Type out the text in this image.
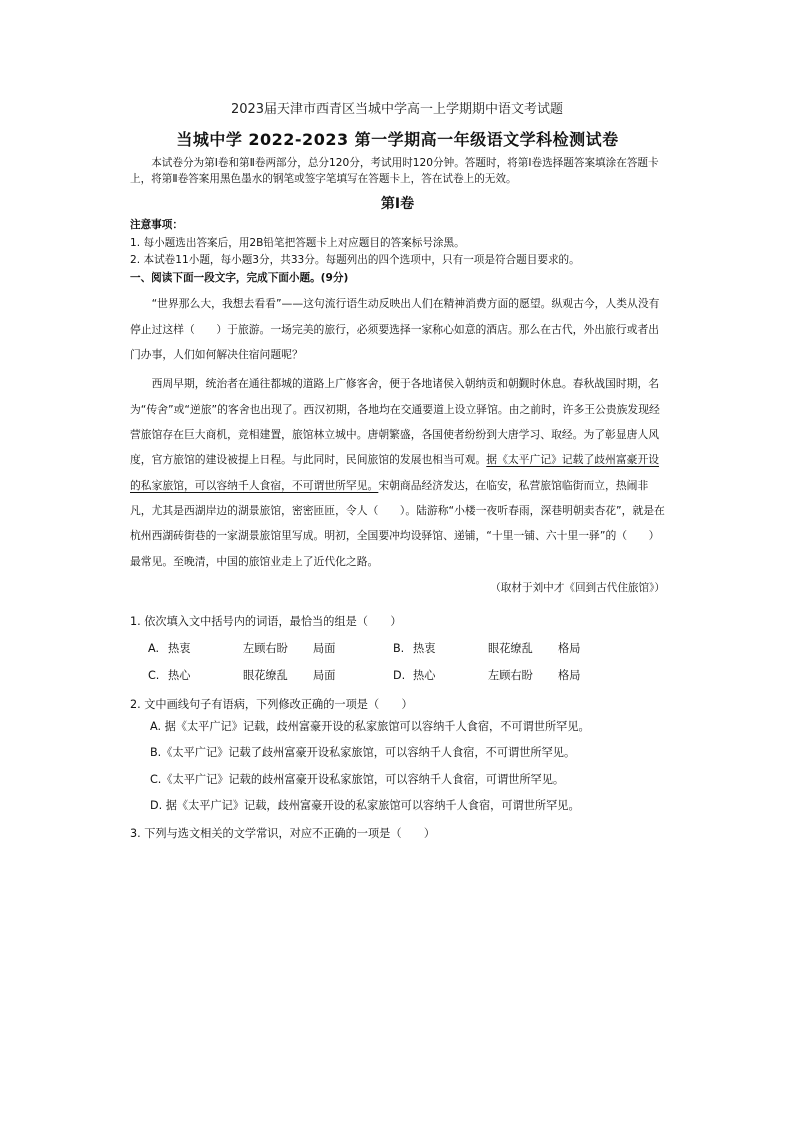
2023届天津市西青区当城中学高一上学期期中语文考试题
当城中学 2022-2023 第一学期高一年级语文学科检测试卷

本试卷分为第Ⅰ卷和第Ⅱ卷两部分，总分120分，考试用时120分钟。答题时，将第Ⅰ卷选择题答案填涂在答题卡上，将第Ⅱ卷答案用黑色墨水的钢笔或签字笔填写在答题卡上，答在试卷上的无效。

第Ⅰ卷

注意事项：

1. 每小题选出答案后，用2B铅笔把答题卡上对应题目的答案标号涂黑。

2. 本试卷11小题，每小题3分，共33分。每题列出的四个选项中，只有一项是符合题目要求的。

一、阅读下面一段文字，完成下面小题。(9分)

“世界那么大，我想去看看”——这句流行语生动反映出人们在精神消费方面的愿望。纵观古今，人类从没有停止过这样（　　）于旅游。一场完美的旅行，必须要选择一家称心如意的酒店。那么在古代，外出旅行或者出门办事，人们如何解决住宿问题呢？

西周早期，统治者在通往都城的道路上广修客舍，便于各地诸侯入朝纳贡和朝觐时休息。春秋战国时期，名为“传舍”或“逆旅”的客舍也出现了。西汉初期，各地均在交通要道上设立驿馆。由之前时，许多王公贵族发现经营旅馆存在巨大商机，竞相建置，旅馆林立城中。唐朝繁盛，各国使者纷纷到大唐学习、取经。为了彰显唐人风度，官方旅馆的建设被提上日程。与此同时，民间旅馆的发展也相当可观。据《太平广记》记载了歧州富豪开设的私家旅馆，可以容纳千人食宿，不可谓世所罕见。宋朝商品经济发达，在临安，私营旅馆临街而立，热闹非凡，尤其是西湖岸边的湖景旅馆，密密匝匝，令人（　　）。陆游称“小楼一夜听春雨，深巷明朝卖杏花”，就是在杭州西湖砖街巷的一家湖景旅馆里写成。明初，全国要冲均设驿馆、递铺，“十里一铺、六十里一驿”的（　　）最常见。至晚清，中国的旅馆业走上了近代化之路。

（取材于刘中才《回到古代住旅馆》）

1. 依次填入文中括号内的词语，最恰当的组是（　　）

A. 热衷	左顾右盼	局面	B. 热衷	眼花缭乱	格局
C. 热心	眼花缭乱	局面	D. 热心	左顾右盼	格局

2. 文中画线句子有语病，下列修改正确的一项是（　　）

A. 据《太平广记》记载，歧州富豪开设的私家旅馆可以容纳千人食宿，不可谓世所罕见。

B.《太平广记》记载了歧州富豪开设私家旅馆，可以容纳千人食宿，不可谓世所罕见。

C.《太平广记》记载的歧州富豪开设私家旅馆，可以容纳千人食宿，可谓世所罕见。

D. 据《太平广记》记载，歧州富豪开设的私家旅馆可以容纳千人食宿，可谓世所罕见。

3. 下列与选文相关的文学常识，对应不正确的一项是（　　）
